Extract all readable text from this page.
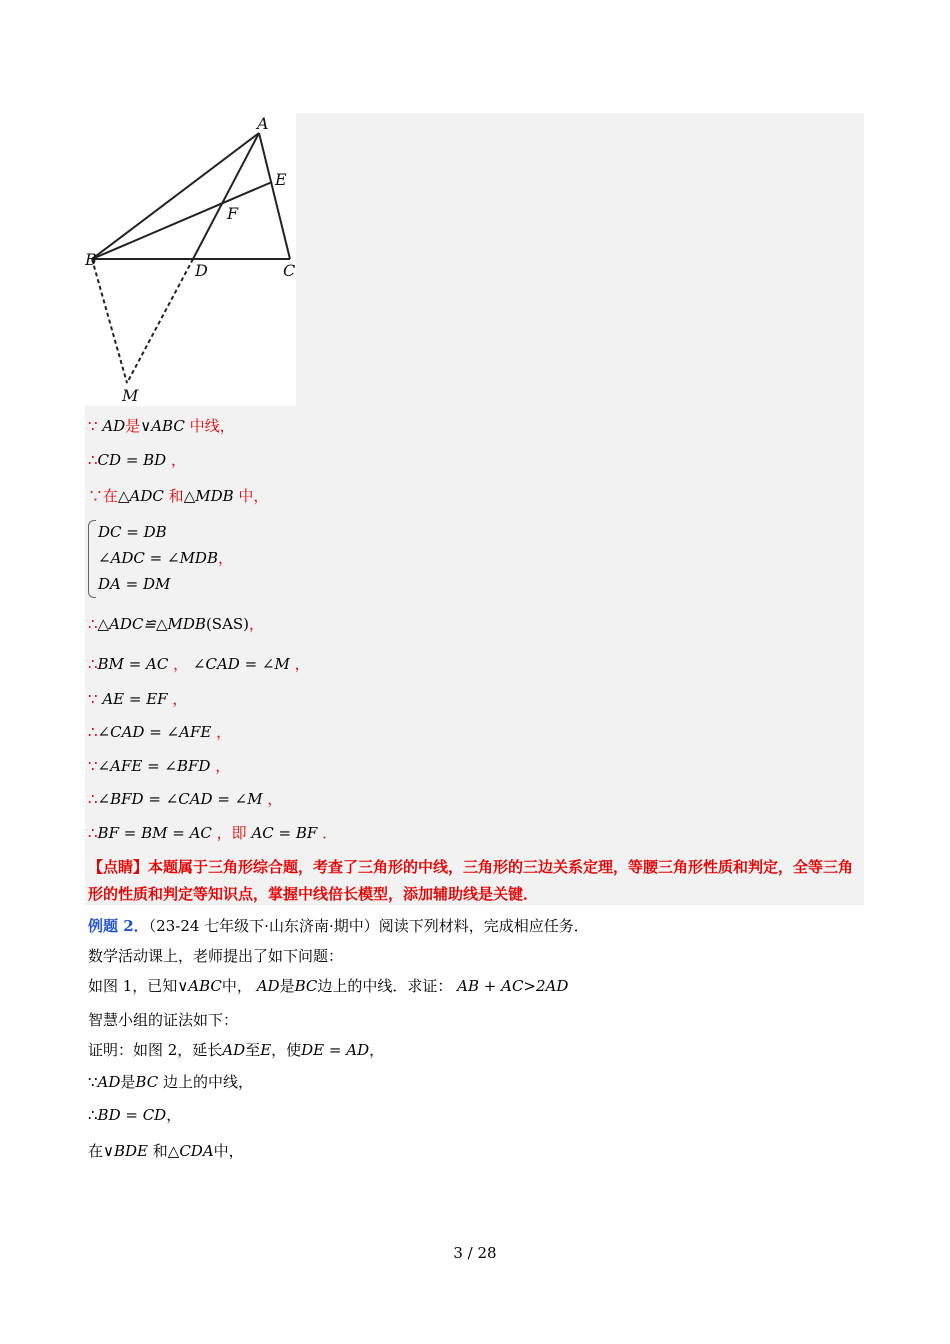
A
E
F
B
D	C
M
∵ AD是∨ABC 中线，
∴CD = BD ，
∵在△ADC 和△MDB 中，
DC = DB
∠ADC = ∠MDB，
DA = DM
∴△ADC≌△MDB(SAS)，
∴BM = AC ， ∠CAD = ∠M ，
∵ AE = EF ，
∴∠CAD = ∠AFE ，
∵∠AFE = ∠BFD ，
∴∠BFD = ∠CAD = ∠M ，
∴BF = BM = AC ，即 AC = BF ．
【点睛】本题属于三角形综合题，考查了三角形的中线，三角形的三边关系定理，等腰三角形性质和判定，全等三角形的性质和判定等知识点，掌握中线倍长模型，添加辅助线是关键．
例题 2．（23-24 七年级下·山东济南·期中）阅读下列材料，完成相应任务．
数学活动课上，老师提出了如下问题：
如图 1，已知∨ABC中， AD是BC边上的中线．求证： AB + AC>2AD
智慧小组的证法如下：
证明：如图 2，延长AD至E，使DE = AD，
∵AD是BC 边上的中线，
∴BD = CD，
在∨BDE 和△CDA中，
3 / 28
